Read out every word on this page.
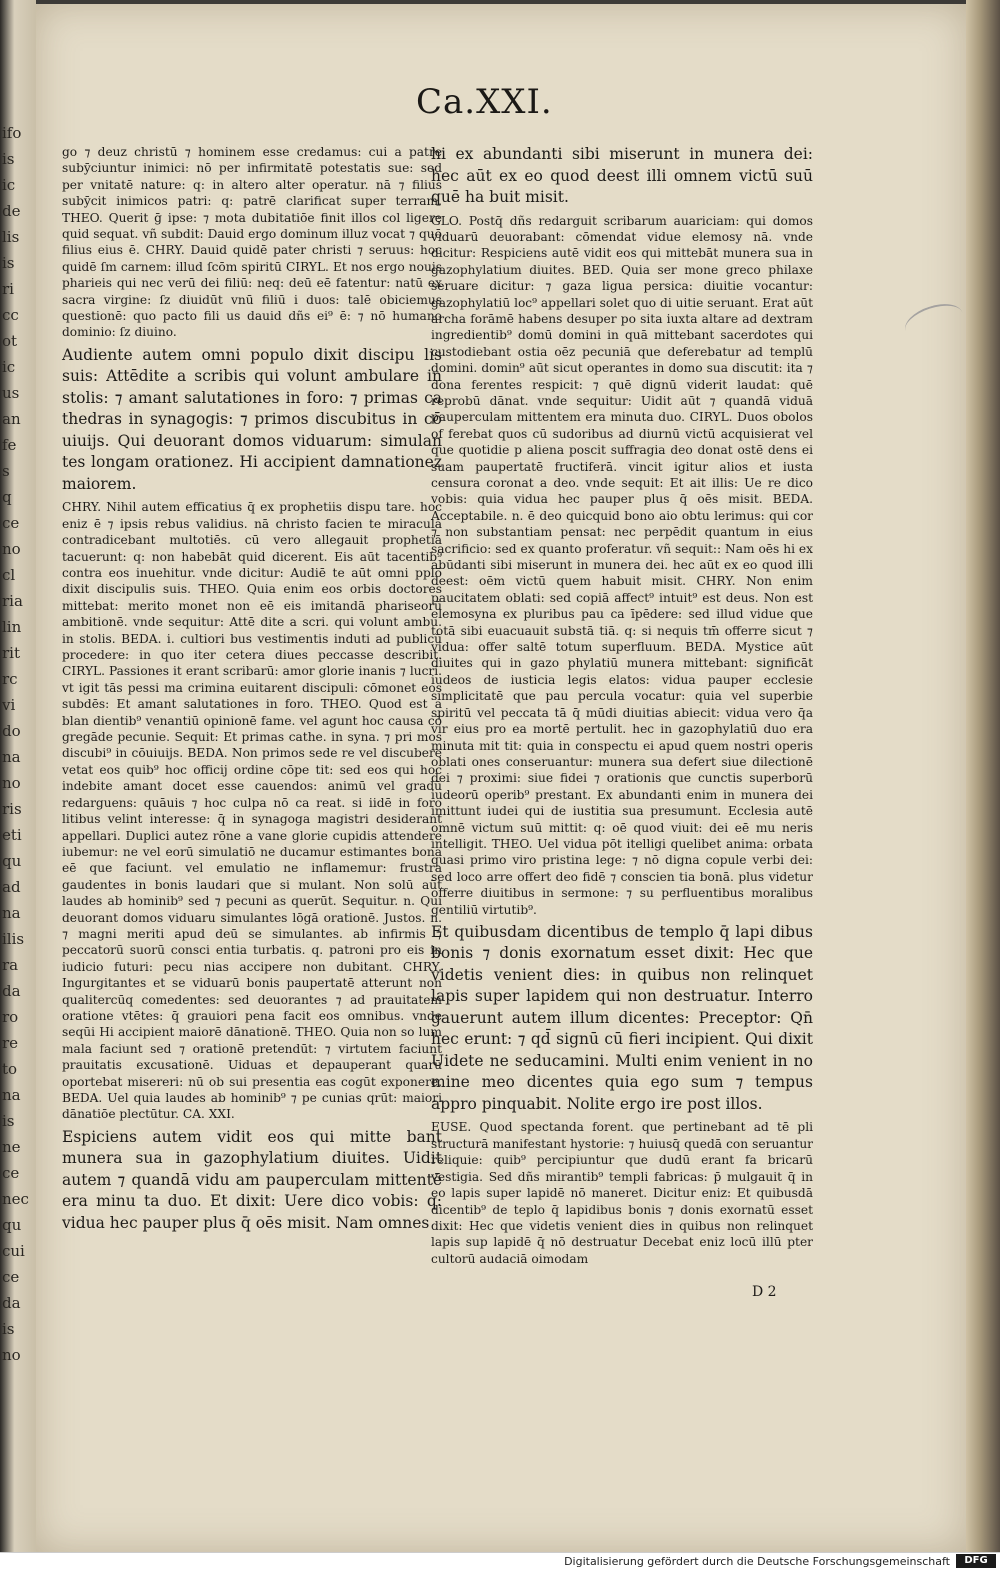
ifo
is
ic
de
lis
is
ri
cc
ot
ic
us
an
fe
s
q
ce
no
cl
ria
lin
rit
rc
vi
do
na
no
ris
eti
qu
ad
na
ilis
ra
da
ro
re
to
na
is
ne
ce
nec
qu
cui
ce
da
is
no
Ca.XXI.

go ⁊ deuz christū ⁊ hominem esse credamus: cui a patre subȳciuntur inimici: nō per infirmitatē potestatis sue: sed per vnitatē nature: q: in altero alter operatur. nā ⁊ filius subȳcit inimicos patri: q: patrē clarificat super terram. THEO. Querit ḡ ipse: ⁊ mota dubitatiōe finit illos col ligere quid sequat. vñ subdit: Dauid ergo dominum illuz vocat ⁊ quō filius eius ē. CHRY. Dauid quidē pater christi ⁊ seruus: hoc quidē ſm carnem: illud ſcōm spiritū CIRYL. Et nos ergo nouis pharieis qui nec verū dei filiū: neq: deū eē fatentur: natū ex sacra virgine: ſz diuidūt vnū filiū i duos: talē obiciemus questionē: quo pacto fili us dauid dñs ei⁹ ē: ⁊ nō humano dominio: ſz diuino.

Audiente autem omni populo dixit discipu lis suis: Attēdite a scribis qui volunt ambulare in stolis: ⁊ amant salutationes in foro: ⁊ primas ca thedras in synagogis: ⁊ primos discubitus in cō uiuijs. Qui deuorant domos viduarum: simulan tes longam orationez. Hi accipient damnationez maiorem.

CHRY. Nihil autem efficatius q̄ ex prophetiis dispu tare. hoc eniz ē ⁊ ipsis rebus validius. nā christo facien te miracula contradicebant multotiēs. cū vero allegauit prophetiā tacuerunt: q: non habebāt quid dicerent. Eis aūt tacentib⁹ contra eos inuehitur. vnde dicitur: Audiē te aūt omni pplō dixit discipulis suis. THEO. Quia enim eos orbis doctores mittebat: merito monet non eē eis imitandā phariseorū ambitionē. vnde sequitur: Attē dite a scri. qui volunt ambu. in stolis. BEDA. i. cultiori bus vestimentis induti ad publicū procedere: in quo iter cetera diues peccasse describit. CIRYL. Passiones it erant scribarū: amor glorie inanis ⁊ lucri. vt igit tās pessi ma crimina euitarent discipuli: cōmonet eos subdēs: Et amant salutationes in foro. THEO. Quod est a blan dientib⁹ venantiū opinionē fame. vel agunt hoc causa cō gregāde pecunie. Sequit: Et primas cathe. in syna. ⁊ pri mos discubi⁹ in cōuiuijs. BEDA. Non primos sede re vel discubere vetat eos quib⁹ hoc officij ordine cōpe tit: sed eos qui hoc indebite amant docet esse cauendos: animū vel gradū redarguens: quāuis ⁊ hoc culpa nō ca reat. si iidē in foro litibus velint interesse: q̄ in synagoga magistri desiderant appellari. Duplici autez rōne a vane glorie cupidis attendere iubemur: ne vel eorū simulatiō ne ducamur estimantes bona eē que faciunt. vel emulatio ne inflamemur: frustra gaudentes in bonis laudari que si mulant. Non solū aūt laudes ab hominib⁹ sed ⁊ pecuni as querūt. Sequitur. n. Qui deuorant domos viduaru simulantes lōgā orationē. Justos. n. ⁊ magni meriti apud deū se simulantes. ab infirmis ⁊ peccatorū suorū consci entia turbatis. q. patroni pro eis in iudicio futuri: pecu nias accipere non dubitant. CHRY. Ingurgitantes et se viduarū bonis paupertatē atterunt non qualitercūq comedentes: sed deuorantes ⁊ ad prauitatem oratione vtētes: q̄ grauiori pena facit eos omnibus. vnde seqūi Hi accipient maiorē dānationē. THEO. Quia non so lum mala faciunt sed ⁊ orationē pretendūt: ⁊ virtutem faciunt prauitatis excusationē. Uiduas et depauperant quarū oportebat misereri: nū ob sui presentia eas cogūt exponere. BEDA. Uel quia laudes ab hominib⁹ ⁊ pe cunias qrūt: maiori dānatiōe plectūtur. CA. XXI.

Espiciens autem vidit eos qui mitte bant munera sua in gazophylatium diuites. Uidit autem ⁊ quandā vidu am pauperculam mittentē era minu ta duo. Et dixit: Uere dico vobis: q: vidua hec pauper plus q̄ oēs misit. Nam omnes

hi ex abundanti sibi miserunt in munera dei: hec aūt ex eo quod deest illi omnem victū suū quē ha buit misit.

GLO. Postq̄ dñs redarguit scribarum auariciam: qui domos viduarū deuorabant: cōmendat vidue elemosy nā. vnde dicitur: Respiciens autē vidit eos qui mittebāt munera sua in gazophylatium diuites. BED. Quia ser mone greco philaxe seruare dicitur: ⁊ gaza ligua persica: diuitie vocantur: gazophylatiū loc⁹ appellari solet quo di uitie seruant. Erat aūt archa forāmē habens desuper po sita iuxta altare ad dextram ingredientib⁹ domū domini in quā mittebant sacerdotes qui custodiebant ostia oēz pecuniā que deferebatur ad templū domini. domin⁹ aūt sicut operantes in domo sua discutit: ita ⁊ dona ferentes respicit: ⁊ quē dignū viderit laudat: quē reprobū dānat. vnde sequitur: Uidit aūt ⁊ quandā viduā pauperculam mittentem era minuta duo. CIRYL. Duos obolos of ferebat quos cū sudoribus ad diurnū victū acquisierat vel que quotidie p aliena poscit suffragia deo donat ostē dens ei suam paupertatē fructiferā. vincit igitur alios et iusta censura coronat a deo. vnde sequit: Et ait illis: Ue re dico vobis: quia vidua hec pauper plus q̄ oēs misit. BEDA. Acceptabile. n. ē deo quicquid bono aio obtu lerimus: qui cor ⁊ non substantiam pensat: nec perpēdit quantum in eius sacrificio: sed ex quanto proferatur. vñ sequit:: Nam oēs hi ex abūdanti sibi miserunt in munera dei. hec aūt ex eo quod illi deest: oēm victū quem habuit misit. CHRY. Non enim paucitatem oblati: sed copiā affect⁹ intuit⁹ est deus. Non est elemosyna ex pluribus pau ca īpēdere: sed illud vidue que totā sibi euacuauit substā tiā. q: si nequis tm̄ offerre sicut ⁊ vidua: offer saltē totum superfluum. BEDA. Mystice aūt diuites qui in gazo phylatiū munera mittebant: significāt iudeos de iusticia legis elatos: vidua pauper ecclesie simplicitatē que pau percula vocatur: quia vel superbie spiritū vel peccata tā q̄ mūdi diuitias abiecit: vidua vero q̄a vir eius pro ea mortē pertulit. hec in gazophylatiū duo era minuta mit tit: quia in conspectu ei apud quem nostri operis oblati ones conseruantur: munera sua defert siue dilectionē dei ⁊ proximi: siue fidei ⁊ orationis que cunctis superborū iudeorū operib⁹ prestant. Ex abundanti enim in munera dei imittunt iudei qui de iustitia sua presumunt. Ecclesia autē omnē victum suū mittit: q: oē quod viuit: dei eē mu neris intelligit. THEO. Uel vidua pōt itelligi quelibet anima: orbata quasi primo viro pristina lege: ⁊ nō digna copule verbi dei: sed loco arre offert deo fidē ⁊ conscien tia bonā. plus videtur offerre diuitibus in sermone: ⁊ su perfluentibus moralibus gentiliū virtutib⁹.

Et quibusdam dicentibus de templo q̄ lapi dibus bonis ⁊ donis exornatum esset dixit: Hec que videtis venient dies: in quibus non relinquet lapis super lapidem qui non destruatur. Interro gauerunt autem illum dicentes: Preceptor: Qn̄ hec erunt: ⁊ qd̄ signū cū fieri incipient. Qui dixit Uidete ne seducamini. Multi enim venient in no mine meo dicentes quia ego sum ⁊ tempus appro pinquabit. Nolite ergo ire post illos.

EUSE. Quod spectanda forent. que pertinebant ad tē pli structurā manifestant hystorie: ⁊ huiusq̄ quedā con seruantur reliquie: quib⁹ percipiuntur que dudū erant fa bricarū vestigia. Sed dñs mirantib⁹ templi fabricas: p̄ mulgauit q̄ in eo lapis super lapidē nō maneret. Dicitur eniz: Et quibusdā dicentib⁹ de teplo q̄ lapidibus bonis ⁊ donis exornatū esset dixit: Hec que videtis venient dies in quibus non relinquet lapis sup lapidē q̄ nō destruatur Decebat eniz locū illū pter cultorū audaciā oimodam

D 2
Digitalisierung gefördert durch die Deutsche Forschungsgemeinschaft	DFG
